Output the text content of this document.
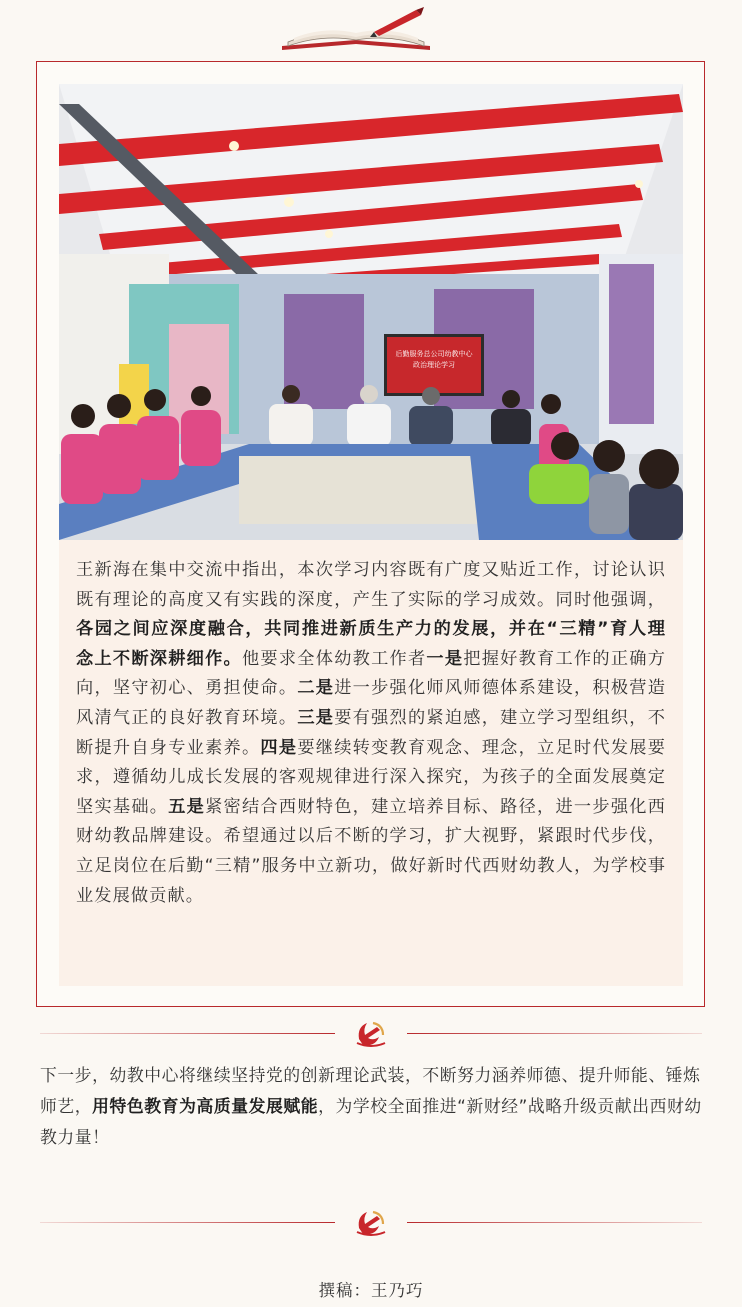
后勤服务总公司幼教中心
政治理论学习

王新海在集中交流中指出，本次学习内容既有广度又贴近工作，讨论认识既有理论的高度又有实践的深度，产生了实际的学习成效。同时他强调，各园之间应深度融合，共同推进新质生产力的发展，并在“三精”育人理念上不断深耕细作。他要求全体幼教工作者一是把握好教育工作的正确方向，坚守初心、勇担使命。二是进一步强化师风师德体系建设，积极营造风清气正的良好教育环境。三是要有强烈的紧迫感，建立学习型组织，不断提升自身专业素养。四是要继续转变教育观念、理念，立足时代发展要求，遵循幼儿成长发展的客观规律进行深入探究，为孩子的全面发展奠定坚实基础。五是紧密结合西财特色，建立培养目标、路径，进一步强化西财幼教品牌建设。希望通过以后不断的学习，扩大视野，紧跟时代步伐，立足岗位在后勤“三精”服务中立新功，做好新时代西财幼教人，为学校事业发展做贡献。

下一步，幼教中心将继续坚持党的创新理论武装，不断努力涵养师德、提升师能、锤炼师艺，用特色教育为高质量发展赋能，为学校全面推进“新财经”战略升级贡献出西财幼教力量！

撰稿：王乃巧
